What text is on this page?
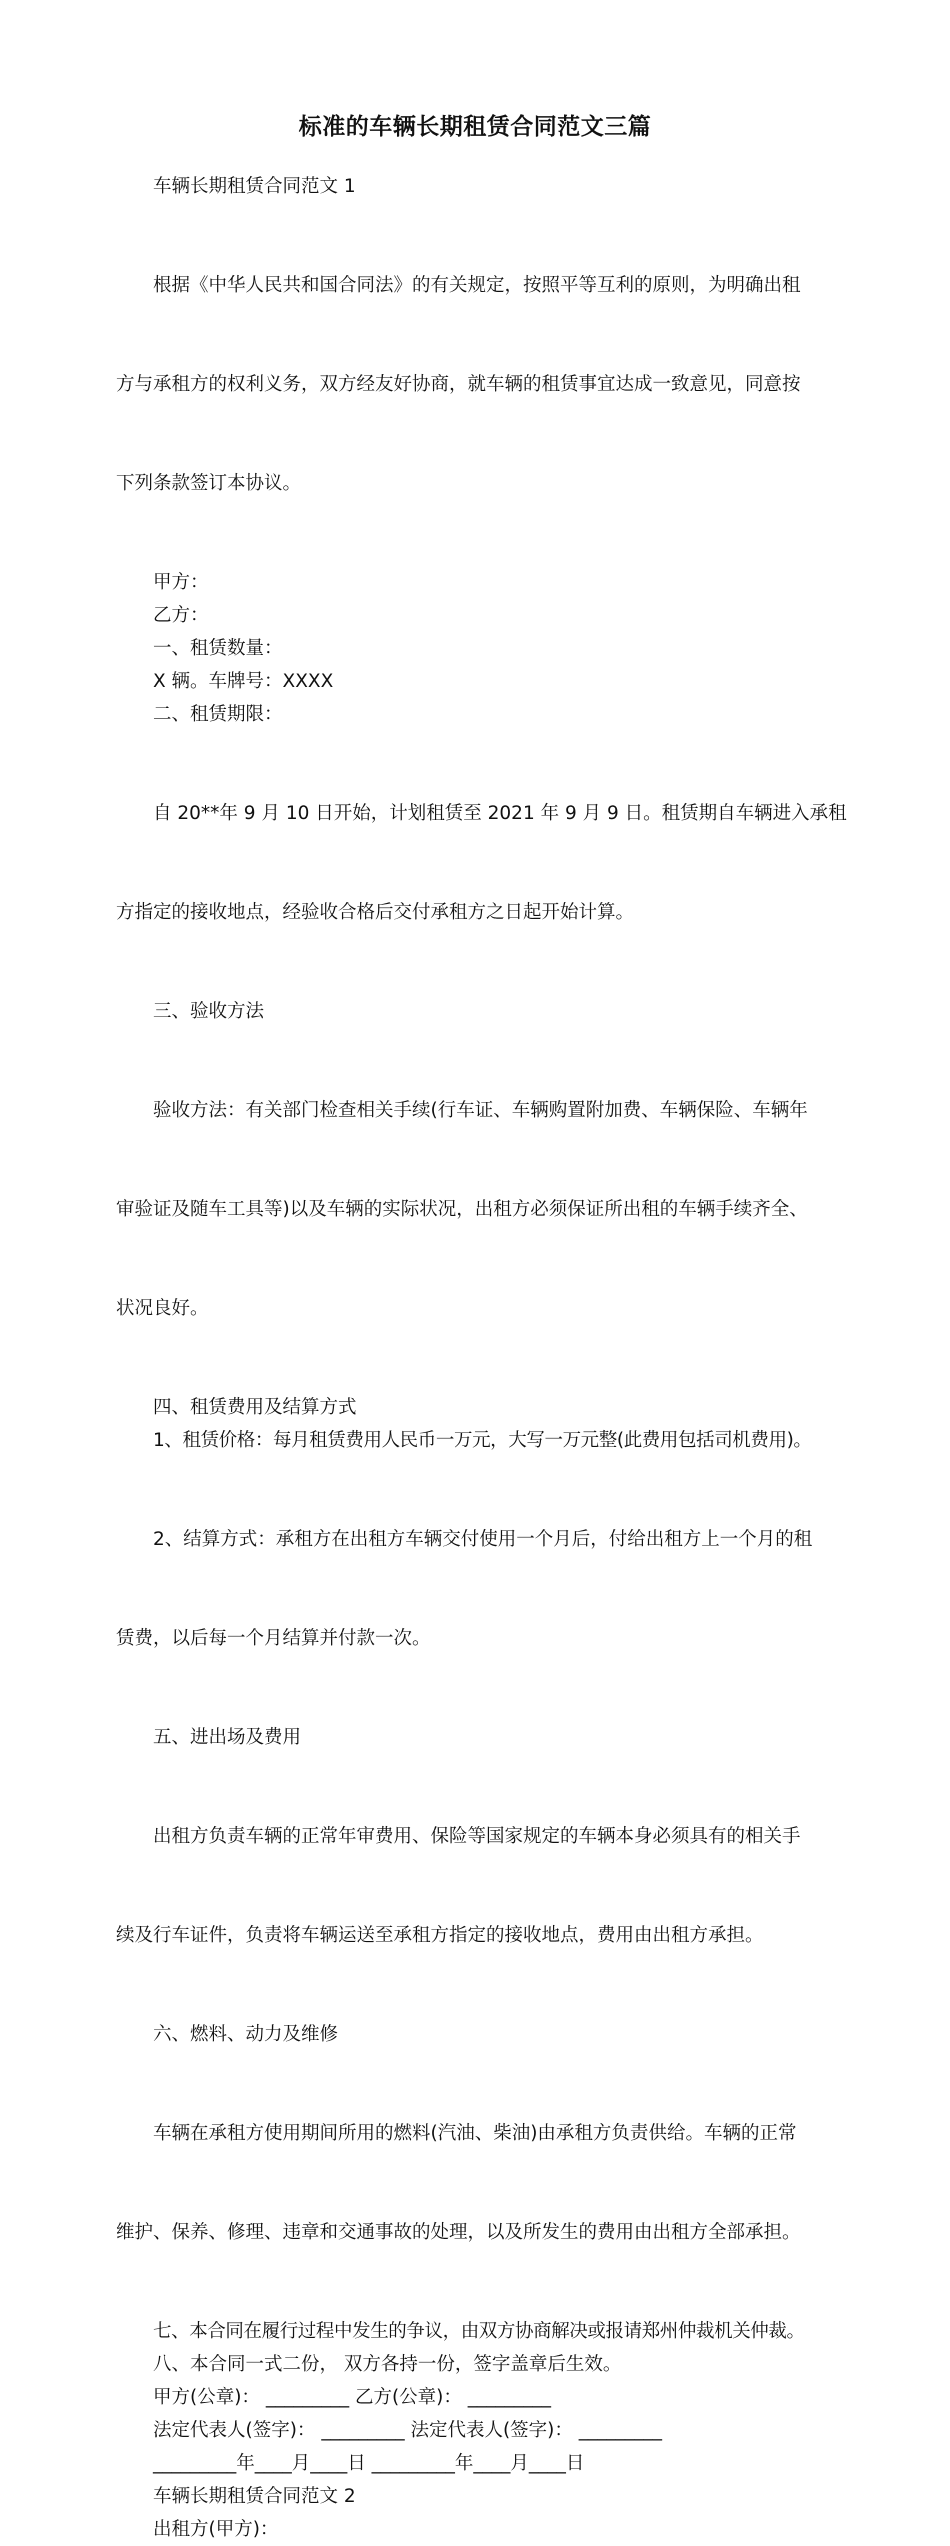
标准的车辆长期租赁合同范文三篇

车辆长期租赁合同范文 1

根据《中华人民共和国合同法》的有关规定，按照平等互利的原则，为明确出租

方与承租方的权利义务，双方经友好协商，就车辆的租赁事宜达成一致意见，同意按

下列条款签订本协议。

甲方：

乙方：

一、租赁数量：

X 辆。车牌号：XXXX

二、租赁期限：

自 20**年 9 月 10 日开始，计划租赁至 2021 年 9 月 9 日。租赁期自车辆进入承租

方指定的接收地点，经验收合格后交付承租方之日起开始计算。

三、验收方法

验收方法：有关部门检查相关手续(行车证、车辆购置附加费、车辆保险、车辆年

审验证及随车工具等)以及车辆的实际状况，出租方必须保证所出租的车辆手续齐全、

状况良好。

四、租赁费用及结算方式

1、租赁价格：每月租赁费用人民币一万元，大写一万元整(此费用包括司机费用)。

2、结算方式：承租方在出租方车辆交付使用一个月后，付给出租方上一个月的租

赁费，以后每一个月结算并付款一次。

五、进出场及费用

出租方负责车辆的正常年审费用、保险等国家规定的车辆本身必须具有的相关手

续及行车证件，负责将车辆运送至承租方指定的接收地点，费用由出租方承担。

六、燃料、动力及维修

车辆在承租方使用期间所用的燃料(汽油、柴油)由承租方负责供给。车辆的正常

维护、保养、修理、违章和交通事故的处理，以及所发生的费用由出租方全部承担。

七、本合同在履行过程中发生的争议，由双方协商解决或报请郑州仲裁机关仲裁。

八、本合同一式二份， 双方各持一份，签字盖章后生效。

甲方(公章)： _________ 乙方(公章)： _________

法定代表人(签字)： _________ 法定代表人(签字)： _________

_________年____月____日 _________年____月____日

车辆长期租赁合同范文 2

出租方(甲方)：
